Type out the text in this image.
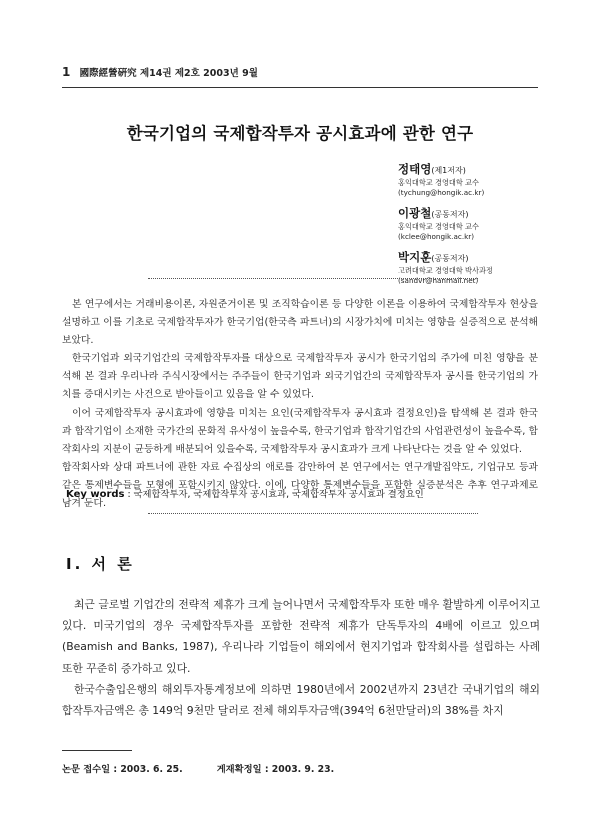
1 國際經營硏究 제14권 제2호 2003년 9월
한국기업의 국제합작투자 공시효과에 관한 연구
정태영(제1저자)
홍익대학교 경영대학 교수
(tychung@hongik.ac.kr)
이광철(공동저자)
홍익대학교 경영대학 교수
(kclee@hongik.ac.kr)
박지훈(공동저자)
고려대학교 경영대학 박사과정
(sandvr@hanmail.net)

본 연구에서는 거래비용이론, 자원준거이론 및 조직학습이론 등 다양한 이론을 이용하여 국제합작투자 현상을 설명하고 이를 기초로 국제합작투자가 한국기업(한국측 파트너)의 시장가치에 미치는 영향을 실증적으로 분석해 보았다.

한국기업과 외국기업간의 국제합작투자를 대상으로 국제합작투자 공시가 한국기업의 주가에 미친 영향을 분석해 본 결과 우리나라 주식시장에서는 주주들이 한국기업과 외국기업간의 국제합작투자 공시를 한국기업의 가치를 증대시키는 사건으로 받아들이고 있음을 알 수 있었다.

이어 국제합작투자 공시효과에 영향을 미치는 요인(국제합작투자 공시효과 결정요인)을 탐색해 본 결과 한국과 합작기업이 소재한 국가간의 문화적 유사성이 높을수록, 한국기업과 합작기업간의 사업관련성이 높을수록, 합작회사의 지분이 균등하게 배분되어 있을수록, 국제합작투자 공시효과가 크게 나타난다는 것을 알 수 있었다.

합작회사와 상대 파트너에 관한 자료 수집상의 애로를 감안하여 본 연구에서는 연구개발집약도, 기업규모 등과 같은 통제변수들을 모형에 포함시키지 않았다. 이에, 다양한 통제변수들을 포함한 실증분석은 추후 연구과제로 남겨 둔다.

Key words : 국제합작투자, 국제합작투자 공시효과, 국제합작투자 공시효과 결정요인
Ⅰ. 서 론

최근 글로벌 기업간의 전략적 제휴가 크게 늘어나면서 국제합작투자 또한 매우 활발하게 이루어지고 있다. 미국기업의 경우 국제합작투자를 포함한 전략적 제휴가 단독투자의 4배에 이르고 있으며(Beamish and Banks, 1987), 우리나라 기업들이 해외에서 현지기업과 합작회사를 설립하는 사례 또한 꾸준히 증가하고 있다.

한국수출입은행의 해외투자통계정보에 의하면 1980년에서 2002년까지 23년간 국내기업의 해외합작투자금액은 총 149억 9천만 달러로 전체 해외투자금액(394억 6천만달러)의 38%를 차지

논문 접수일 : 2003. 6. 25.	게재확정일 : 2003. 9. 23.
